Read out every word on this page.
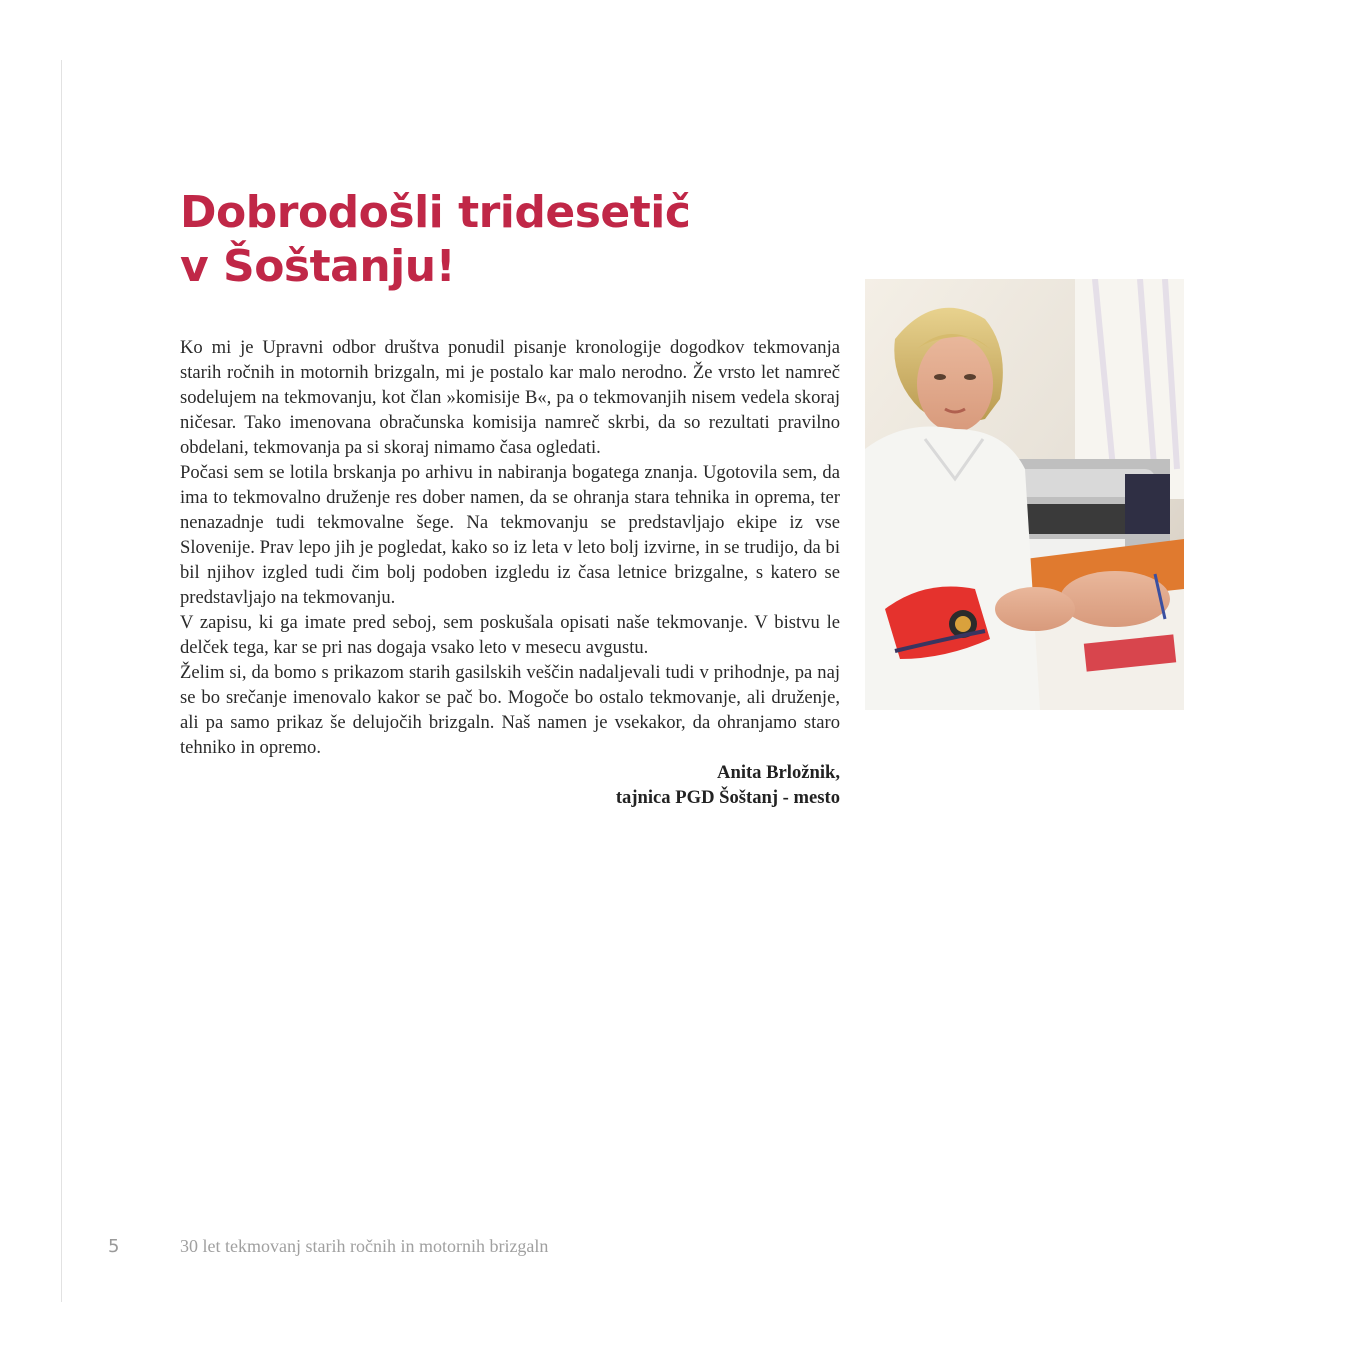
Dobrodošli tridesetič
v Šoštanju!

Ko mi je Upravni odbor društva ponudil pisanje kronologije dogodkov tekmovanja starih ročnih in motornih brizgaln, mi je postalo kar malo nerodno. Že vrsto let namreč sodelujem na tekmovanju, kot član »komisije B«, pa o tekmovanjih nisem vedela skoraj ničesar. Tako imenovana obračunska komisija namreč skrbi, da so rezultati pravilno obdelani, tekmovanja pa si skoraj nimamo časa ogledati.

Počasi sem se lotila brskanja po arhivu in nabiranja bogatega znanja. Ugotovila sem, da ima to tekmovalno druženje res dober namen, da se ohranja stara tehnika in oprema, ter nenazadnje tudi tekmovalne šege. Na tekmovanju se predstavljajo ekipe iz vse Slovenije. Prav lepo jih je pogledat, kako so iz leta v leto bolj izvirne, in se trudijo, da bi bil njihov izgled tudi čim bolj podoben izgledu iz časa letnice brizgalne, s katero se predstavljajo na tekmovanju.

V zapisu, ki ga imate pred seboj, sem poskušala opisati naše tekmovanje. V bistvu le delček tega, kar se pri nas dogaja vsako leto v mesecu avgustu.

Želim si, da bomo s prikazom starih gasilskih veščin nadaljevali tudi v prihodnje, pa naj se bo srečanje imenovalo kakor se pač bo. Mogoče bo ostalo tekmovanje, ali druženje, ali pa samo prikaz še delujočih brizgaln. Naš namen je vsekakor, da ohranjamo staro tehniko in opremo.

Anita Brložnik,
tajnica PGD Šoštanj - mesto
5	30 let tekmovanj starih ročnih in motornih brizgaln
